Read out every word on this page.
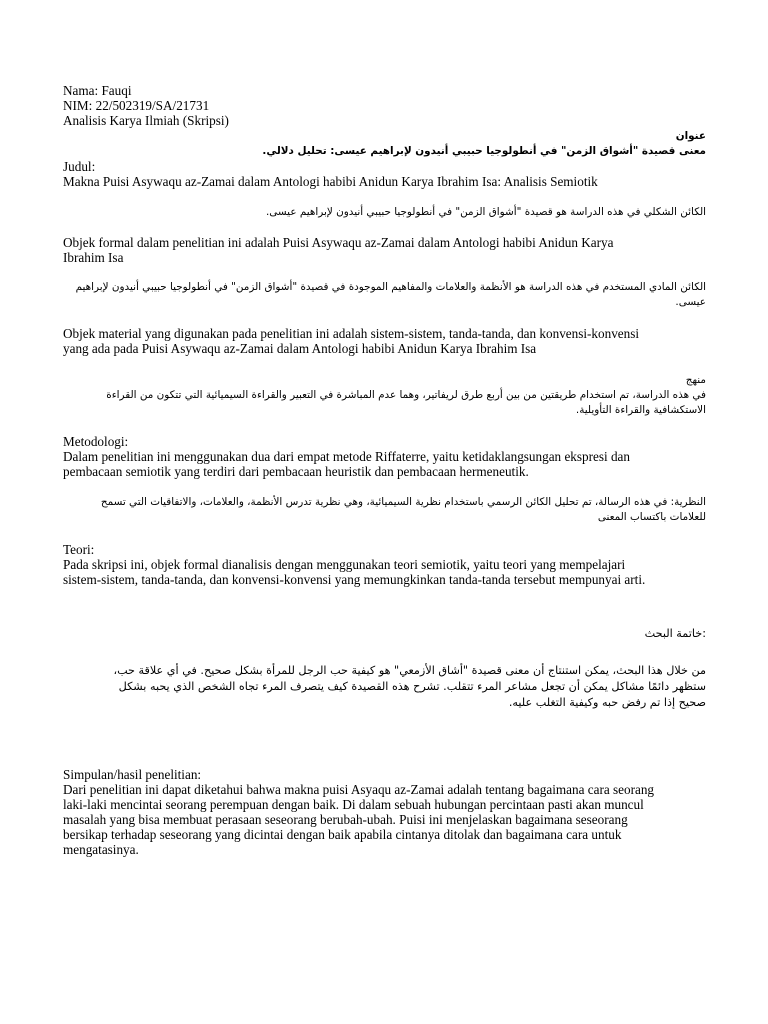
Nama: Fauqi
NIM: 22/502319/SA/21731
Analisis Karya Ilmiah (Skripsi)
عنوان
معنى قصيدة "أشواق الزمن" في أنطولوجيا حبيبي أنيدون لإبراهيم عيسى: تحليل دلالي.
Judul:
Makna Puisi Asywaqu az-Zamai dalam Antologi habibi Anidun Karya Ibrahim Isa: Analisis Semiotik
الكائن الشكلي في هذه الدراسة هو قصيدة "أشواق الزمن" في أنطولوجيا حبيبي أنيدون لإبراهيم عيسى.
Objek formal dalam penelitian ini adalah Puisi Asywaqu az-Zamai dalam Antologi habibi Anidun Karya
Ibrahim Isa
الكائن المادي المستخدم في هذه الدراسة هو الأنظمة والعلامات والمفاهيم الموجودة في قصيدة "أشواق الزمن" في أنطولوجيا حبيبي أنيدون لإبراهيم
عيسى.
Objek material yang digunakan pada penelitian ini adalah sistem-sistem, tanda-tanda, dan konvensi-konvensi
yang ada pada Puisi Asywaqu az-Zamai dalam Antologi habibi Anidun Karya Ibrahim Isa
منهج
في هذه الدراسة، تم استخدام طريقتين من بين أربع طرق لريفاتير، وهما عدم المباشرة في التعبير والقراءة السيميائية التي تتكون من القراءة
الاستكشافية والقراءة التأويلية.
Metodologi:
Dalam penelitian ini menggunakan dua dari empat metode Riffaterre, yaitu ketidaklangsungan ekspresi dan
pembacaan semiotik yang terdiri dari pembacaan heuristik dan pembacaan hermeneutik.
النظرية: في هذه الرسالة، تم تحليل الكائن الرسمي باستخدام نظرية السيميائية، وهي نظرية تدرس الأنظمة، والعلامات، والاتفاقيات التي تسمح
للعلامات باكتساب المعنى
Teori:
Pada skripsi ini, objek formal dianalisis dengan menggunakan teori semiotik, yaitu teori yang mempelajari
sistem-sistem, tanda-tanda, dan konvensi-konvensi yang memungkinkan tanda-tanda tersebut mempunyai arti.
:خاتمة البحث
من خلال هذا البحث، يمكن استنتاج أن معنى قصيدة "أشاق الأزمعي" هو كيفية حب الرجل للمرأة بشكل صحيح. في أي علاقة حب،
ستظهر دائمًا مشاكل يمكن أن تجعل مشاعر المرء تتقلب. تشرح هذه القصيدة كيف يتصرف المرء تجاه الشخص الذي يحبه بشكل
صحيح إذا تم رفض حبه وكيفية التغلب عليه.
Simpulan/hasil penelitian:
Dari penelitian ini dapat diketahui bahwa makna puisi Asyaqu az-Zamai adalah tentang bagaimana cara seorang
laki-laki mencintai seorang perempuan dengan baik. Di dalam sebuah hubungan percintaan pasti akan muncul
masalah yang bisa membuat perasaan seseorang berubah-ubah. Puisi ini menjelaskan bagaimana seseorang
bersikap terhadap seseorang yang dicintai dengan baik apabila cintanya ditolak dan bagaimana cara untuk
mengatasinya.
